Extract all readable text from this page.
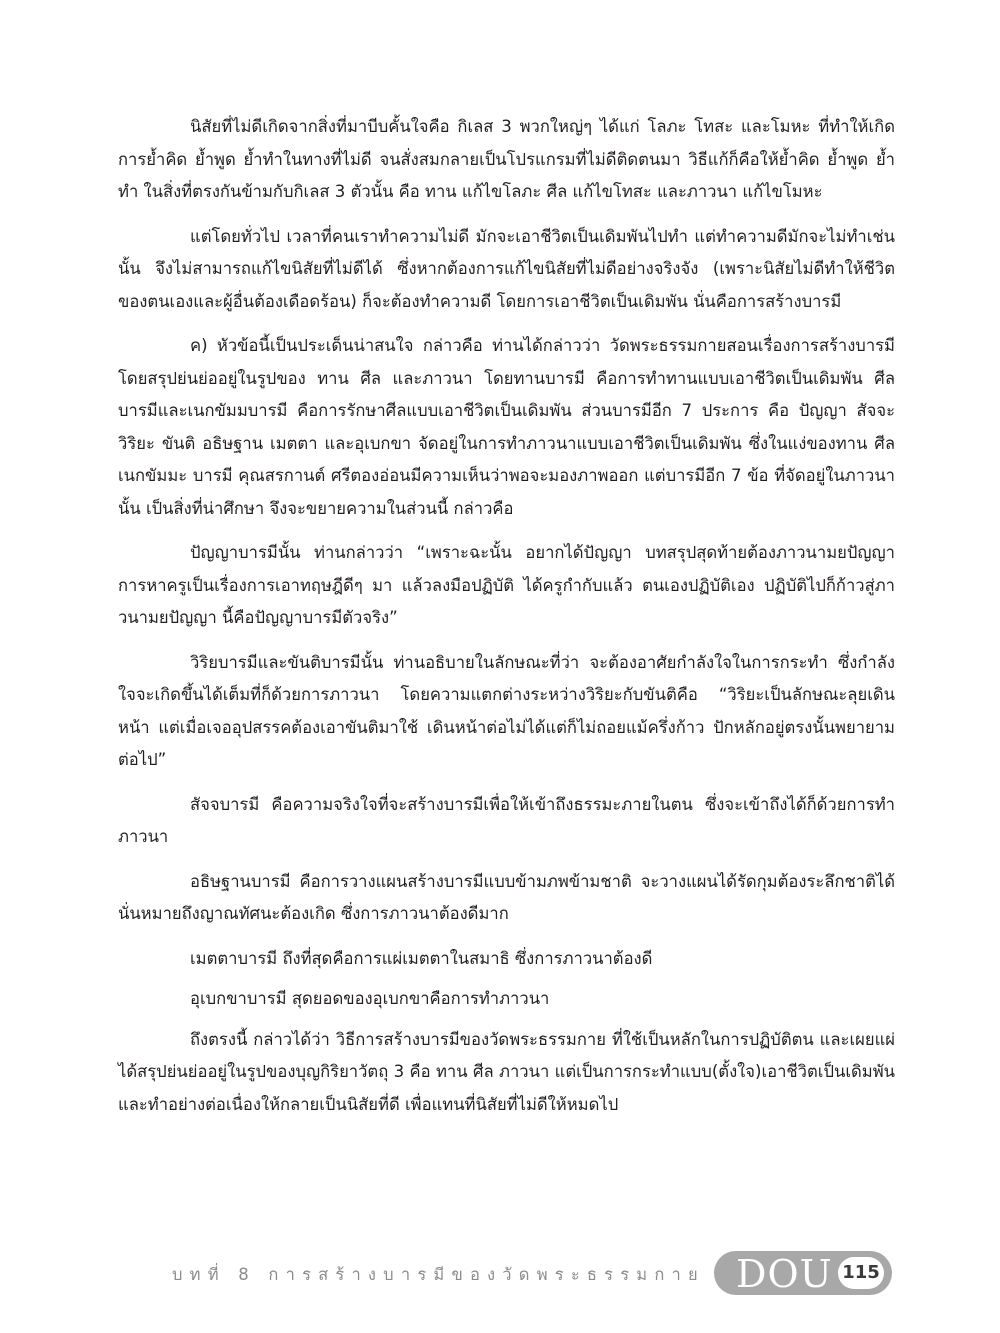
นิสัยที่ไม่ดีเกิดจากสิ่งที่มาบีบคั้นใจคือ กิเลส 3 พวกใหญ่ๆ ได้แก่ โลภะ โทสะ และโมหะ ที่ทำให้เกิดการย้ำคิด ย้ำพูด ย้ำทำในทางที่ไม่ดี จนสั่งสมกลายเป็นโปรแกรมที่ไม่ดีติดตนมา วิธีแก้ก็คือให้ย้ำคิด ย้ำพูด ย้ำทำ ในสิ่งที่ตรงกันข้ามกับกิเลส 3 ตัวนั้น คือ ทาน แก้ไขโลภะ ศีล แก้ไขโทสะ และภาวนา แก้ไขโมหะ

แต่โดยทั่วไป เวลาที่คนเราทำความไม่ดี มักจะเอาชีวิตเป็นเดิมพันไปทำ แต่ทำความดีมักจะไม่ทำเช่นนั้น จึงไม่สามารถแก้ไขนิสัยที่ไม่ดีได้ ซึ่งหากต้องการแก้ไขนิสัยที่ไม่ดีอย่างจริงจัง (เพราะนิสัยไม่ดีทำให้ชีวิตของตนเองและผู้อื่นต้องเดือดร้อน) ก็จะต้องทำความดี โดยการเอาชีวิตเป็นเดิมพัน นั่นคือการสร้างบารมี

ค) หัวข้อนี้เป็นประเด็นน่าสนใจ กล่าวคือ ท่านได้กล่าวว่า วัดพระธรรมกายสอนเรื่องการสร้างบารมีโดยสรุปย่นย่ออยู่ในรูปของ ทาน ศีล และภาวนา โดยทานบารมี คือการทำทานแบบเอาชีวิตเป็นเดิมพัน ศีลบารมีและเนกขัมมบารมี คือการรักษาศีลแบบเอาชีวิตเป็นเดิมพัน ส่วนบารมีอีก 7 ประการ คือ ปัญญา สัจจะ วิริยะ ขันติ อธิษฐาน เมตตา และอุเบกขา จัดอยู่ในการทำภาวนาแบบเอาชีวิตเป็นเดิมพัน ซึ่งในแง่ของทาน ศีล เนกขัมมะ บารมี คุณสรกานต์ ศรีตองอ่อนมีความเห็นว่าพอจะมองภาพออก แต่บารมีอีก 7 ข้อ ที่จัดอยู่ในภาวนานั้น เป็นสิ่งที่น่าศึกษา จึงจะขยายความในส่วนนี้ กล่าวคือ

ปัญญาบารมีนั้น ท่านกล่าวว่า “เพราะฉะนั้น อยากได้ปัญญา บทสรุปสุดท้ายต้องภาวนามยปัญญา การหาครูเป็นเรื่องการเอาทฤษฎีดีๆ มา แล้วลงมือปฏิบัติ ได้ครูกำกับแล้ว ตนเองปฏิบัติเอง ปฏิบัติไปก็ก้าวสู่ภาวนามยปัญญา นี้คือปัญญาบารมีตัวจริง”

วิริยบารมีและขันติบารมีนั้น ท่านอธิบายในลักษณะที่ว่า จะต้องอาศัยกำลังใจในการกระทำ ซึ่งกำลังใจจะเกิดขึ้นได้เต็มที่ก็ด้วยการภาวนา โดยความแตกต่างระหว่างวิริยะกับขันติคือ “วิริยะเป็นลักษณะลุยเดินหน้า แต่เมื่อเจออุปสรรคต้องเอาขันติมาใช้ เดินหน้าต่อไม่ได้แต่ก็ไม่ถอยแม้ครึ่งก้าว ปักหลักอยู่ตรงนั้นพยายามต่อไป”

สัจจบารมี คือความจริงใจที่จะสร้างบารมีเพื่อให้เข้าถึงธรรมะภายในตน ซึ่งจะเข้าถึงได้ก็ด้วยการทำภาวนา

อธิษฐานบารมี คือการวางแผนสร้างบารมีแบบข้ามภพข้ามชาติ จะวางแผนได้รัดกุมต้องระลึกชาติได้ นั่นหมายถึงญาณทัศนะต้องเกิด ซึ่งการภาวนาต้องดีมาก

เมตตาบารมี ถึงที่สุดคือการแผ่เมตตาในสมาธิ ซึ่งการภาวนาต้องดี

อุเบกขาบารมี สุดยอดของอุเบกขาคือการทำภาวนา

ถึงตรงนี้ กล่าวได้ว่า วิธีการสร้างบารมีของวัดพระธรรมกาย ที่ใช้เป็นหลักในการปฏิบัติตน และเผยแผ่ ได้สรุปย่นย่ออยู่ในรูปของบุญกิริยาวัตถุ 3 คือ ทาน ศีล ภาวนา แต่เป็นการกระทำแบบ(ตั้งใจ)เอาชีวิตเป็นเดิมพัน และทำอย่างต่อเนื่องให้กลายเป็นนิสัยที่ดี เพื่อแทนที่นิสัยที่ไม่ดีให้หมดไป

บทที่ 8 การสร้างบารมีของวัดพระธรรมกาย DOU 115
